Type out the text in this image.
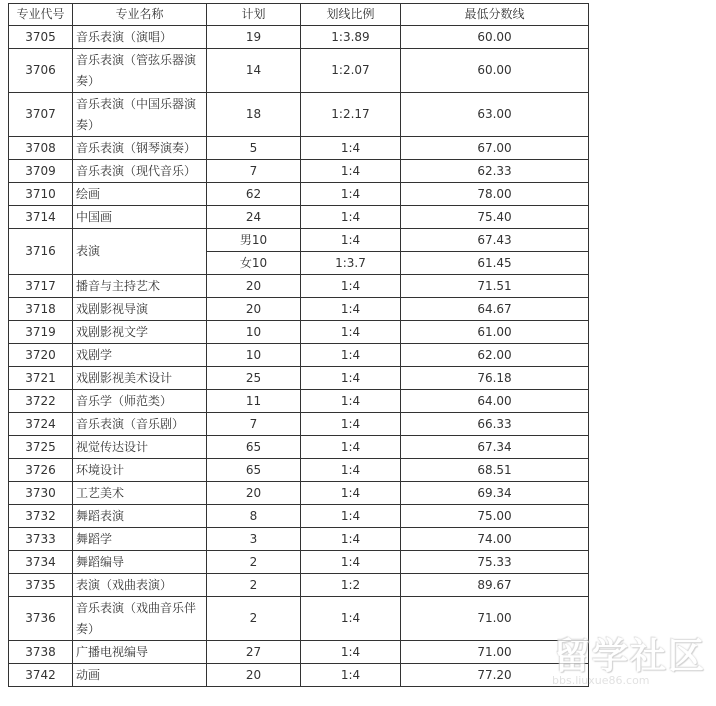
专业代号	专业名称	计划	划线比例	最低分数线
3705	音乐表演（演唱）	19	1:3.89	60.00
3706	音乐表演（管弦乐器演奏）	14	1:2.07	60.00
3707	音乐表演（中国乐器演奏）	18	1:2.17	63.00
3708	音乐表演（钢琴演奏）	5	1:4	67.00
3709	音乐表演（现代音乐）	7	1:4	62.33
3710	绘画	62	1:4	78.00
3714	中国画	24	1:4	75.40
3716	表演	男10	1:4	67.43
		女10	1:3.7	61.45
3717	播音与主持艺术	20	1:4	71.51
3718	戏剧影视导演	20	1:4	64.67
3719	戏剧影视文学	10	1:4	61.00
3720	戏剧学	10	1:4	62.00
3721	戏剧影视美术设计	25	1:4	76.18
3722	音乐学（师范类）	11	1:4	64.00
3724	音乐表演（音乐剧）	7	1:4	66.33
3725	视觉传达设计	65	1:4	67.34
3726	环境设计	65	1:4	68.51
3730	工艺美术	20	1:4	69.34
3732	舞蹈表演	8	1:4	75.00
3733	舞蹈学	3	1:4	74.00
3734	舞蹈编导	2	1:4	75.33
3735	表演（戏曲表演）	2	1:2	89.67
3736	音乐表演（戏曲音乐伴奏）	2	1:4	71.00
3738	广播电视编导	27	1:4	71.00
3742	动画	20	1:4	77.20 留学社区
bbs.liuxue86.com
